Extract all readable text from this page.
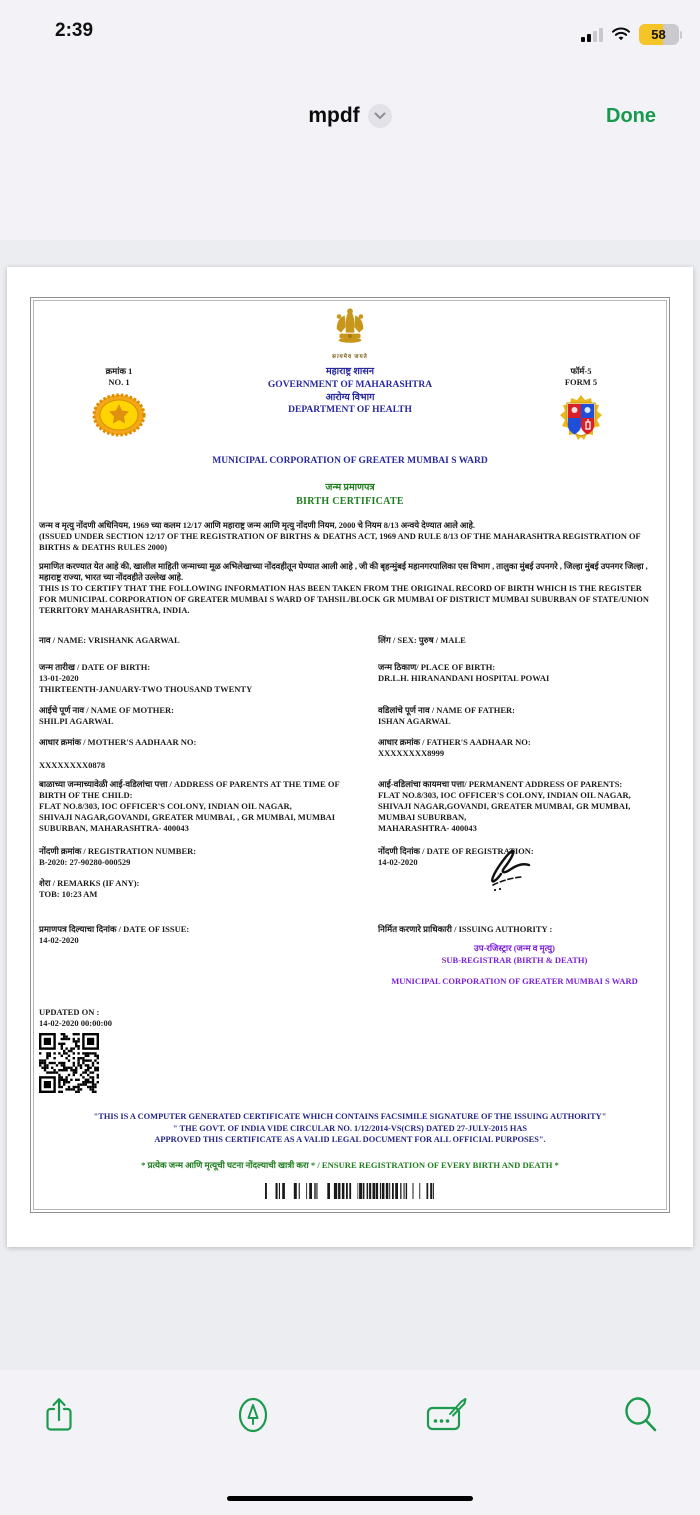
2:39	58
mpdf	Done
सत्यमेव जयते
क्रमांक 1
NO. 1
महाराष्ट्र शासन
GOVERNMENT OF MAHARASHTRA
आरोग्य विभाग
DEPARTMENT OF HEALTH
फॉर्म-5
FORM 5
MUNICIPAL CORPORATION OF GREATER MUMBAI S WARD
जन्म प्रमाणपत्र
BIRTH CERTIFICATE
जन्म व मृत्यु नोंदणी अधिनियम, 1969 च्या कलम 12/17 आणि महाराष्ट्र जन्म आणि मृत्यु नोंदणी नियम, 2000 चे नियम 8/13 अन्वये देण्यात आले आहे.
(ISSUED UNDER SECTION 12/17 OF THE REGISTRATION OF BIRTHS & DEATHS ACT, 1969 AND RULE 8/13 OF THE MAHARASHTRA REGISTRATION OF BIRTHS & DEATHS RULES 2000)
प्रमाणित करण्यात येत आहे की, खालील माहिती जन्माच्या मूळ अभिलेखाच्या नोंदवहीतून घेण्यात आली आहे , जी की बृहन्मुंबई महानगरपालिका एस विभाग , तालुका मुंबई उपनगरे , जिल्हा मुंबई उपनगर जिल्हा , महाराष्ट्र राज्या, भारत च्या नोंदवहीते उल्लेख आहे.
THIS IS TO CERTIFY THAT THE FOLLOWING INFORMATION HAS BEEN TAKEN FROM THE ORIGINAL RECORD OF BIRTH WHICH IS THE REGISTER FOR MUNICIPAL CORPORATION OF GREATER MUMBAI S WARD OF TAHSIL/BLOCK GR MUMBAI OF DISTRICT MUMBAI SUBURBAN OF STATE/UNION TERRITORY MAHARASHTRA, INDIA.
नाव / NAME: VRISHANK AGARWAL	लिंग / SEX: पुरुष / MALE
जन्म तारीख / DATE OF BIRTH:
13-01-2020
THIRTEENTH-JANUARY-TWO THOUSAND TWENTY
जन्म ठिकाण/ PLACE OF BIRTH:
DR.L.H. HIRANANDANI HOSPITAL POWAI
आईचे पूर्ण नाव / NAME OF MOTHER:
SHILPI AGARWAL
वडिलांचे पूर्ण नाव / NAME OF FATHER:
ISHAN AGARWAL
आधार क्रमांक / MOTHER'S AADHAAR NO:
XXXXXXXX0878
आधार क्रमांक / FATHER'S AADHAAR NO:
XXXXXXXX8999
बाळाच्या जन्माच्यावेळी आई-वडिलांचा पत्ता / ADDRESS OF PARENTS AT THE TIME OF BIRTH OF THE CHILD:
FLAT NO.8/303, IOC OFFICER'S COLONY, INDIAN OIL NAGAR,
SHIVAJI NAGAR,GOVANDI, GREATER MUMBAI, , GR MUMBAI, MUMBAI
SUBURBAN, MAHARASHTRA- 400043
आई-वडिलांचा कायमचा पत्ता/ PERMANENT ADDRESS OF PARENTS:
FLAT NO.8/303, IOC OFFICER'S COLONY, INDIAN OIL NAGAR,
SHIVAJI NAGAR,GOVANDI, GREATER MUMBAI, GR MUMBAI,
MUMBAI SUBURBAN,
MAHARASHTRA- 400043
नोंदणी क्रमांक / REGISTRATION NUMBER:
B-2020: 27-90280-000529
नोंदणी दिनांक / DATE OF REGISTRATION:
14-02-2020
शेरा / REMARKS (IF ANY):
TOB: 10:23 AM
प्रमाणपत्र दिल्याचा दिनांक / DATE OF ISSUE:
14-02-2020
निर्मित करणारे प्राधिकारी / ISSUING AUTHORITY :
उप-रजिस्ट्रार (जन्म व मृत्यु)
SUB-REGISTRAR (BIRTH & DEATH)
MUNICIPAL CORPORATION OF GREATER MUMBAI S WARD
UPDATED ON :
14-02-2020 00:00:00
"THIS IS A COMPUTER GENERATED CERTIFICATE WHICH CONTAINS FACSIMILE SIGNATURE OF THE ISSUING AUTHORITY"
" THE GOVT. OF INDIA VIDE CIRCULAR NO. 1/12/2014-VS(CRS) DATED 27-JULY-2015 HAS
APPROVED THIS CERTIFICATE AS A VALID LEGAL DOCUMENT FOR ALL OFFICIAL PURPOSES".
* प्रत्येक जन्म आणि मृत्यूची घटना नोंदल्याची खात्री करा * / ENSURE REGISTRATION OF EVERY BIRTH AND DEATH *
